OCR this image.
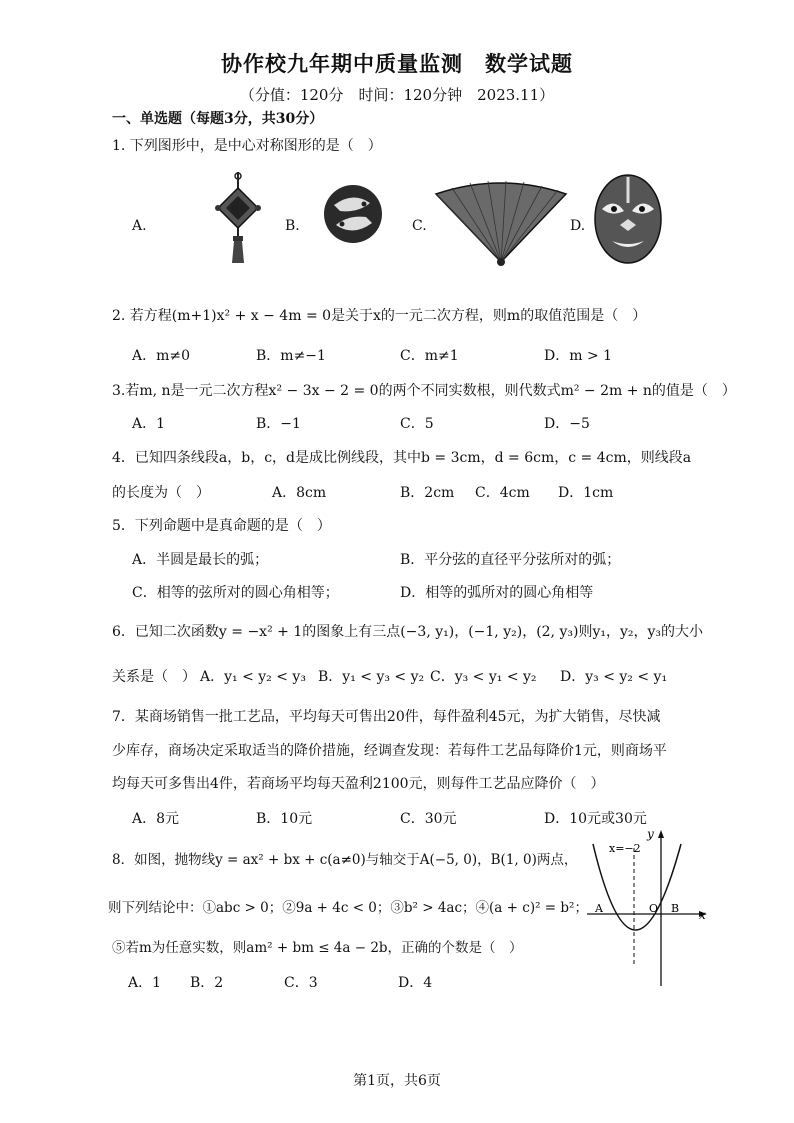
协作校九年期中质量监测　数学试题
（分值：120分　时间：120分钟　2023.11）
一、单选题（每题3分，共30分）
1. 下列图形中，是中心对称图形的是（　）
A.	B.	C.	D.
2. 若方程(m+1)x² + x − 4m = 0是关于x的一元二次方程，则m的取值范围是（　）
A．m≠0	B．m≠−1	C．m≠1	D．m > 1
3.若m, n是一元二次方程x² − 3x − 2 = 0的两个不同实数根，则代数式m² − 2m + n的值是（　）
A．1	B．−1	C．5	D．−5
4．已知四条线段a，b，c，d是成比例线段，其中b = 3cm，d = 6cm，c = 4cm，则线段a
的长度为（　）	A．8cm	B．2cm C．4cm D．1cm
5．下列命题中是真命题的是（　）
A．半圆是最长的弧；	B．平分弦的直径平分弦所对的弧；
C．相等的弦所对的圆心角相等；	D．相等的弧所对的圆心角相等
6．已知二次函数y = −x² + 1的图象上有三点(−3, y₁)，(−1, y₂)，(2, y₃)则y₁，y₂，y₃的大小
关系是（　） A．y₁ < y₂ < y₃ B．y₁ < y₃ < y₂ C．y₃ < y₁ < y₂ D．y₃ < y₂ < y₁
7．某商场销售一批工艺品，平均每天可售出20件，每件盈利45元，为扩大销售，尽快减
少库存，商场决定采取适当的降价措施，经调查发现：若每件工艺品每降价1元，则商场平
均每天可多售出4件，若商场平均每天盈利2100元，则每件工艺品应降价（　）
A．8元	B．10元	C．30元	D．10元或30元
8．如图，抛物线y = ax² + bx + c(a≠0)与轴交于A(−5, 0)，B(1, 0)两点，
则下列结论中：①abc > 0；②9a + 4c < 0；③b² > 4ac；④(a + c)² = b²；
⑤若m为任意实数，则am² + bm ≤ 4a − 2b，正确的个数是（　）
A．1 B．2	C．3	D．4
x
y
x=−2
A	O B
第1页，共6页
